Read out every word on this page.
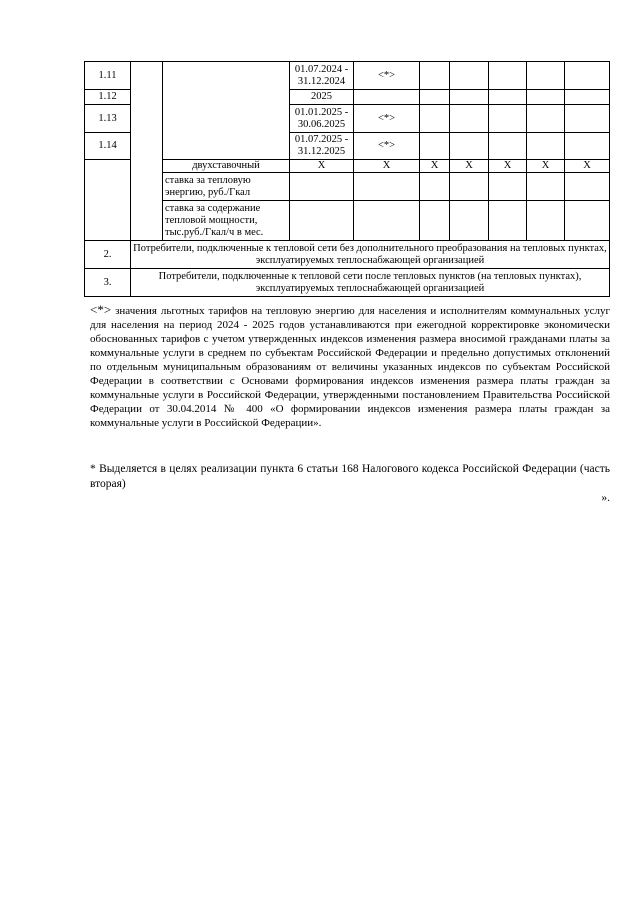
1.11			01.07.2024 - 31.12.2024	<*>					
1.12			2025						
1.13			01.01.2025 - 30.06.2025	<*>					
1.14			01.07.2025 - 31.12.2025	<*>					
		двухставочный	X	X	X	X	X	X	X
		ставка за тепловую энергию, руб./Гкал							
		ставка за содержание тепловой мощности, тыс.руб./Гкал/ч в мес.							
2.	Потребители, подключенные к тепловой сети без дополнительного преобразования на тепловых пунктах, эксплуатируемых теплоснабжающей организацией								
3.	Потребители, подключенные к тепловой сети после тепловых пунктов (на тепловых пунктах), эксплуатируемых теплоснабжающей организацией								

<*> значения льготных тарифов на тепловую энергию для населения и исполнителям коммунальных услуг для населения на период 2024 - 2025 годов устанавливаются при ежегодной корректировке экономически обоснованных тарифов с учетом утвержденных индексов изменения размера вносимой гражданами платы за коммунальные услуги в среднем по субъектам Российской Федерации и предельно допустимых отклонений по отдельным муниципальным образованиям от величины указанных индексов по субъектам Российской Федерации в соответствии с Основами формирования индексов изменения размера платы граждан за коммунальные услуги в Российской Федерации, утвержденными постановлением Правительства Российской Федерации от 30.04.2014 № 400 «О формировании индексов изменения размера платы граждан за коммунальные услуги в Российской Федерации».

* Выделяется в целях реализации пункта 6 статьи 168 Налогового кодекса Российской Федерации (часть вторая)

».
